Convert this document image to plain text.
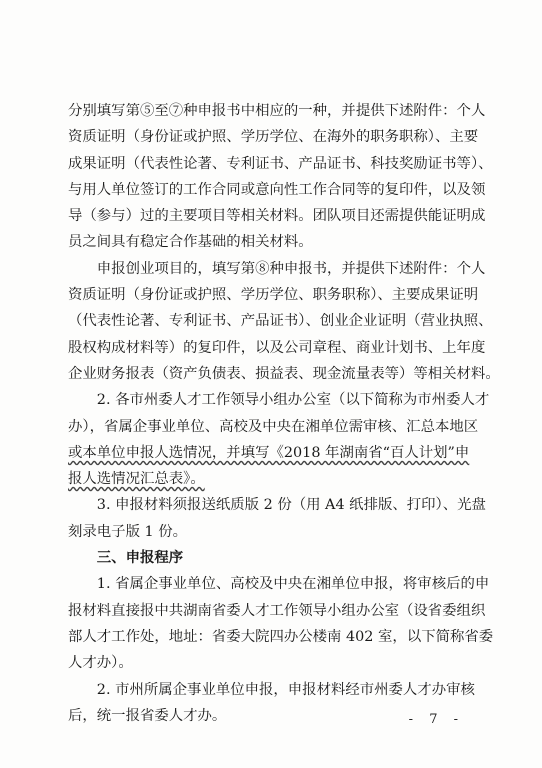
分别填写第⑤至⑦种申报书中相应的一种，并提供下述附件：个人
资质证明（身份证或护照、学历学位、在海外的职务职称）、主要
成果证明（代表性论著、专利证书、产品证书、科技奖励证书等）、
与用人单位签订的工作合同或意向性工作合同等的复印件，以及领
导（参与）过的主要项目等相关材料。团队项目还需提供能证明成
员之间具有稳定合作基础的相关材料。

申报创业项目的，填写第⑧种申报书，并提供下述附件：个人
资质证明（身份证或护照、学历学位、职务职称）、主要成果证明
（代表性论著、专利证书、产品证书）、创业企业证明（营业执照、
股权构成材料等）的复印件，以及公司章程、商业计划书、上年度
企业财务报表（资产负债表、损益表、现金流量表等）等相关材料。

2. 各市州委人才工作领导小组办公室（以下简称为市州委人才
办），省属企事业单位、高校及中央在湘单位需审核、汇总本地区
或本单位申报人选情况，并填写《2018 年湖南省“百人计划”申
报人选情况汇总表》。

3. 申报材料须报送纸质版 2 份（用 A4 纸排版、打印）、光盘
刻录电子版 1 份。

三、申报程序

1. 省属企事业单位、高校及中央在湘单位申报，将审核后的申
报材料直接报中共湖南省委人才工作领导小组办公室（设省委组织
部人才工作处，地址：省委大院四办公楼南 402 室，以下简称省委
人才办）。

2. 市州所属企事业单位申报，申报材料经市州委人才办审核
后，统一报省委人才办。	- 7 -
